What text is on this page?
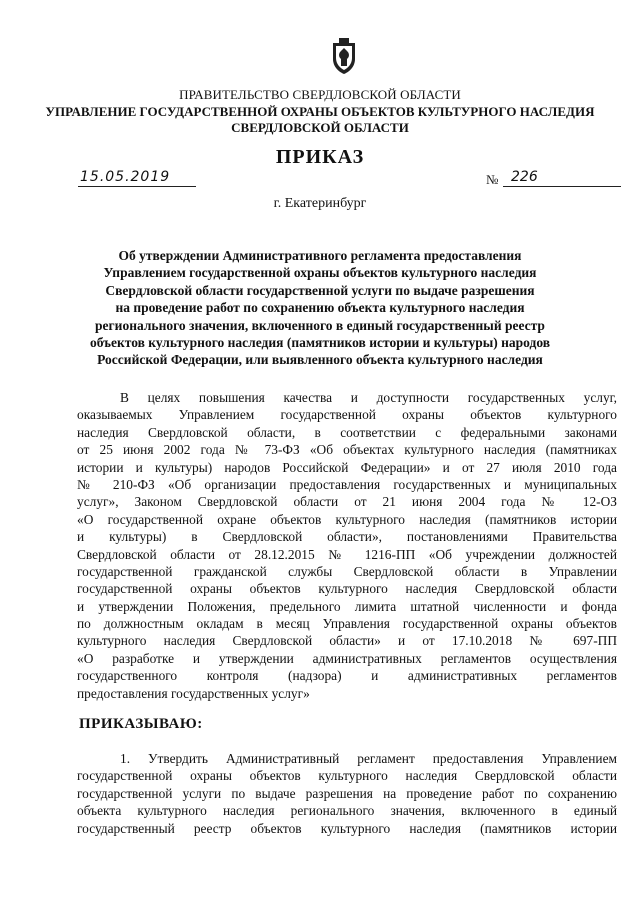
ПРАВИТЕЛЬСТВО СВЕРДЛОВСКОЙ ОБЛАСТИ
УПРАВЛЕНИЕ ГОСУДАРСТВЕННОЙ ОХРАНЫ ОБЪЕКТОВ КУЛЬТУРНОГО НАСЛЕДИЯ
СВЕРДЛОВСКОЙ ОБЛАСТИ
ПРИКАЗ
15.05.2019	№ 226
г. Екатеринбург
Об утверждении Административного регламента предоставления
Управлением государственной охраны объектов культурного наследия
Свердловской области государственной услуги по выдаче разрешения
на проведение работ по сохранению объекта культурного наследия
регионального значения, включенного в единый государственный реестр
объектов культурного наследия (памятников истории и культуры) народов
Российской Федерации, или выявленного объекта культурного наследия
В целях повышения качества и доступности государственных услуг,
оказываемых Управлением государственной охраны объектов культурного
наследия Свердловской области, в соответствии с федеральными законами
от 25 июня 2002 года № 73-ФЗ «Об объектах культурного наследия (памятниках
истории и культуры) народов Российской Федерации» и от 27 июля 2010 года
№ 210-ФЗ «Об организации предоставления государственных и муниципальных
услуг», Законом Свердловской области от 21 июня 2004 года № 12-ОЗ
«О государственной охране объектов культурного наследия (памятников истории
и культуры) в Свердловской области», постановлениями Правительства
Свердловской области от 28.12.2015 № 1216-ПП «Об учреждении должностей
государственной гражданской службы Свердловской области в Управлении
государственной охраны объектов культурного наследия Свердловской области
и утверждении Положения, предельного лимита штатной численности и фонда
по должностным окладам в месяц Управления государственной охраны объектов
культурного наследия Свердловской области» и от 17.10.2018 № 697-ПП
«О разработке и утверждении административных регламентов осуществления
государственного контроля (надзора) и административных регламентов
предоставления государственных услуг»
ПРИКАЗЫВАЮ:
1. Утвердить Административный регламент предоставления Управлением
государственной охраны объектов культурного наследия Свердловской области
государственной услуги по выдаче разрешения на проведение работ по сохранению
объекта культурного наследия регионального значения, включенного в единый
государственный реестр объектов культурного наследия (памятников истории
